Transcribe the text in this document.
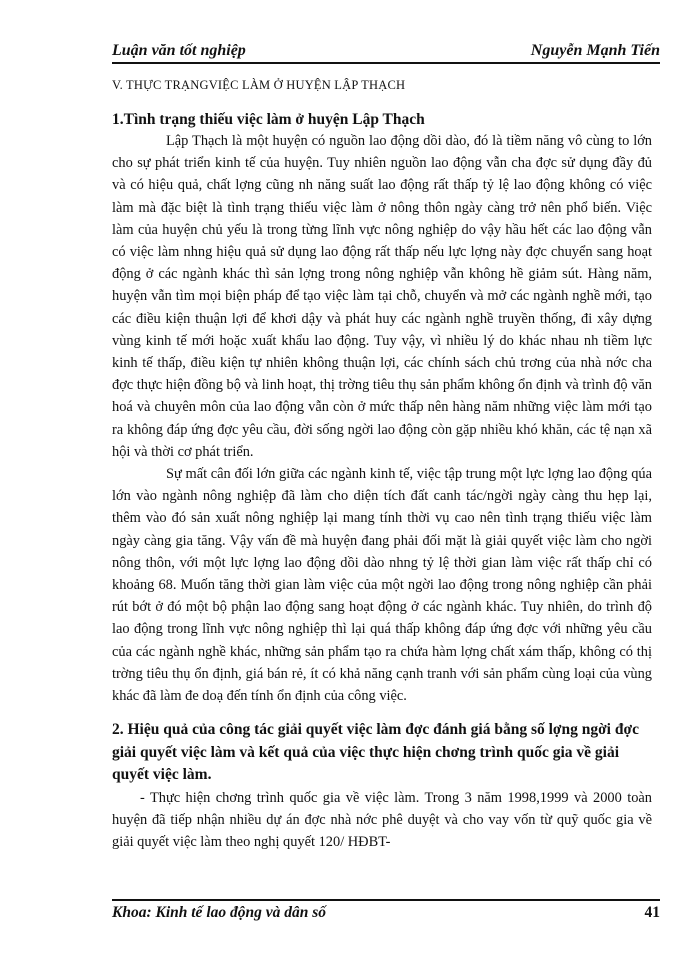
Luận văn tốt nghiệp	Nguyễn Mạnh Tiến
V. THỰC TRẠNGVIỆC LÀM Ở HUYỆN LẬP THẠCH
1.Tình trạng thiếu việc làm ở huyện Lập Thạch

Lập Thạch là một huyện có nguồn lao động dồi dào, đó là tiềm năng vô cùng to lớn cho sự phát triển kinh tế của huyện. Tuy nhiên nguồn lao động vẫn cha đợc sử dụng đầy đủ và có hiệu quả, chất lợng cũng nh năng suất lao động rất thấp tỷ lệ lao động không có việc làm mà đặc biệt là tình trạng thiếu việc làm ở nông thôn ngày càng trở nên phổ biến. Việc làm của huyện chủ yếu là trong từng lĩnh vực nông nghiệp do vậy hầu hết các lao động vẫn có việc làm nhng hiệu quả sử dụng lao động rất thấp nếu lực lợng này đợc chuyển sang hoạt động ở các ngành khác thì sản lợng trong nông nghiệp vẫn không hề giảm sút. Hàng năm, huyện vẫn tìm mọi biện pháp để tạo việc làm tại chỗ, chuyển và mở các ngành nghề mới, tạo các điều kiện thuận lợi để khơi dậy và phát huy các ngành nghề truyền thống, đi xây dựng vùng kinh tế mới hoặc xuất khẩu lao động. Tuy vậy, vì nhiều lý do khác nhau nh tiềm lực kinh tế thấp, điều kiện tự nhiên không thuận lợi, các chính sách chủ trơng của nhà nớc cha đợc thực hiện đồng bộ và linh hoạt, thị trờng tiêu thụ sản phẩm không ổn định và trình độ văn hoá và chuyên môn của lao động vẫn còn ở mức thấp nên hàng năm những việc làm mới tạo ra không đáp ứng đợc yêu cầu, đời sống ngời lao động còn gặp nhiều khó khăn, các tệ nạn xã hội và thời cơ phát triển.

Sự mất cân đối lớn giữa các ngành kinh tế, việc tập trung một lực lợng lao động qúa lớn vào ngành nông nghiệp đã làm cho diện tích đất canh tác/ngời ngày càng thu hẹp lại, thêm vào đó sản xuất nông nghiệp lại mang tính thời vụ cao nên tình trạng thiếu việc làm ngày càng gia tăng. Vậy vấn đề mà huyện đang phải đối mặt là giải quyết việc làm cho ngời nông thôn, với một lực lợng lao động dồi dào nhng tỷ lệ thời gian làm việc rất thấp chỉ có khoảng 68. Muốn tăng thời gian làm việc của một ngời lao động trong nông nghiệp cần phải rút bớt ở đó một bộ phận lao động sang hoạt động ở các ngành khác. Tuy nhiên, do trình độ lao động trong lĩnh vực nông nghiệp thì lại quá thấp không đáp ứng đợc với những yêu cầu của các ngành nghề khác, những sản phẩm tạo ra chứa hàm lợng chất xám thấp, không có thị trờng tiêu thụ ổn định, giá bán rẻ, ít có khả năng cạnh tranh với sản phẩm cùng loại của vùng khác đã làm đe doạ đến tính ổn định của công việc.

2. Hiệu quả của công tác giải quyết việc làm đợc đánh giá bằng số lợng ngời đợc giải quyết việc làm và kết quả của việc thực hiện chơng trình quốc gia về giải quyết việc làm.

- Thực hiện chơng trình quốc gia về việc làm. Trong 3 năm 1998,1999 và 2000 toàn huyện đã tiếp nhận nhiều dự án đợc nhà nớc phê duyệt và cho vay vốn từ quỹ quốc gia về giải quyết việc làm theo nghị quyết 120/ HĐBT-

Khoa: Kinh tế lao động và dân số	41
